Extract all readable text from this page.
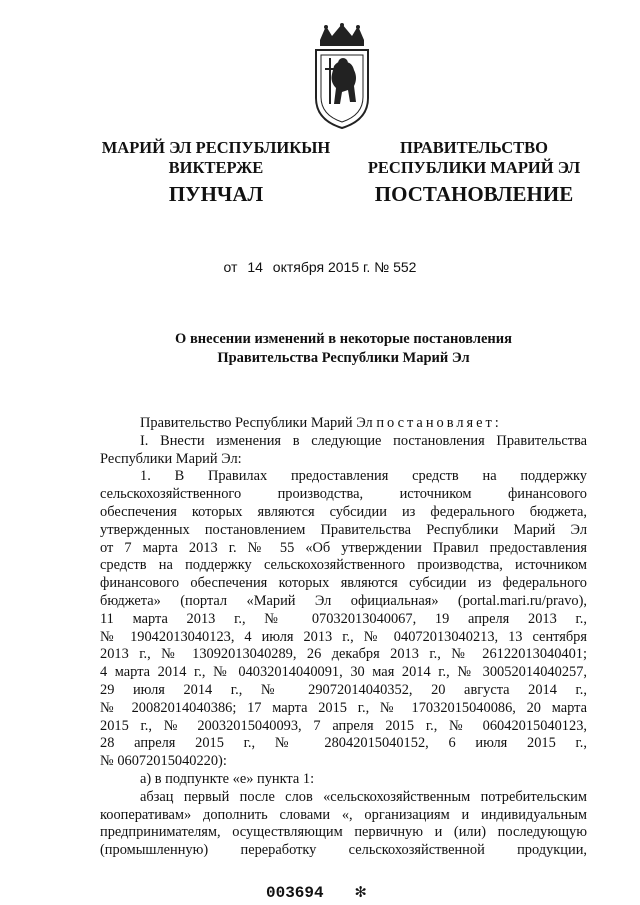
МАРИЙ ЭЛ РЕСПУБЛИКЫН
ВИКТЕРЖЕ
ПРАВИТЕЛЬСТВО
РЕСПУБЛИКИ МАРИЙ ЭЛ
ПУНЧАЛ	ПОСТАНОВЛЕНИЕ
от 14 октября 2015 г. № 552
О внесении изменений в некоторые постановления
Правительства Республики Марий Эл

Правительство Республики Марий Эл постановляет:

I. Внести изменения в следующие постановления Правительства

Республики Марий Эл:

1. В Правилах предоставления средств на поддержку

сельскохозяйственного производства, источником финансового

обеспечения которых являются субсидии из федерального бюджета,

утвержденных постановлением Правительства Республики Марий Эл

от 7 марта 2013 г. № 55 «Об утверждении Правил предоставления

средств на поддержку сельскохозяйственного производства, источником

финансового обеспечения которых являются субсидии из федерального

бюджета» (портал «Марий Эл официальная» (portal.mari.ru/pravo),

11 марта 2013 г., № 07032013040067, 19 апреля 2013 г.,

№ 19042013040123, 4 июля 2013 г., № 04072013040213, 13 сентября

2013 г., № 13092013040289, 26 декабря 2013 г., № 26122013040401;

4 марта 2014 г., № 04032014040091, 30 мая 2014 г., № 30052014040257,

29 июля 2014 г., № 29072014040352, 20 августа 2014 г.,

№ 20082014040386; 17 марта 2015 г., № 17032015040086, 20 марта

2015 г., № 20032015040093, 7 апреля 2015 г., № 06042015040123,

28 апреля 2015 г., № 28042015040152, 6 июля 2015 г.,

№ 06072015040220):

а) в подпункте «е» пункта 1:

абзац первый после слов «сельскохозяйственным потребительским

кооперативам» дополнить словами «, организациям и индивидуальным

предпринимателям, осуществляющим первичную и (или) последующую

(промышленную) переработку сельскохозяйственной продукции,

003694 ✻
